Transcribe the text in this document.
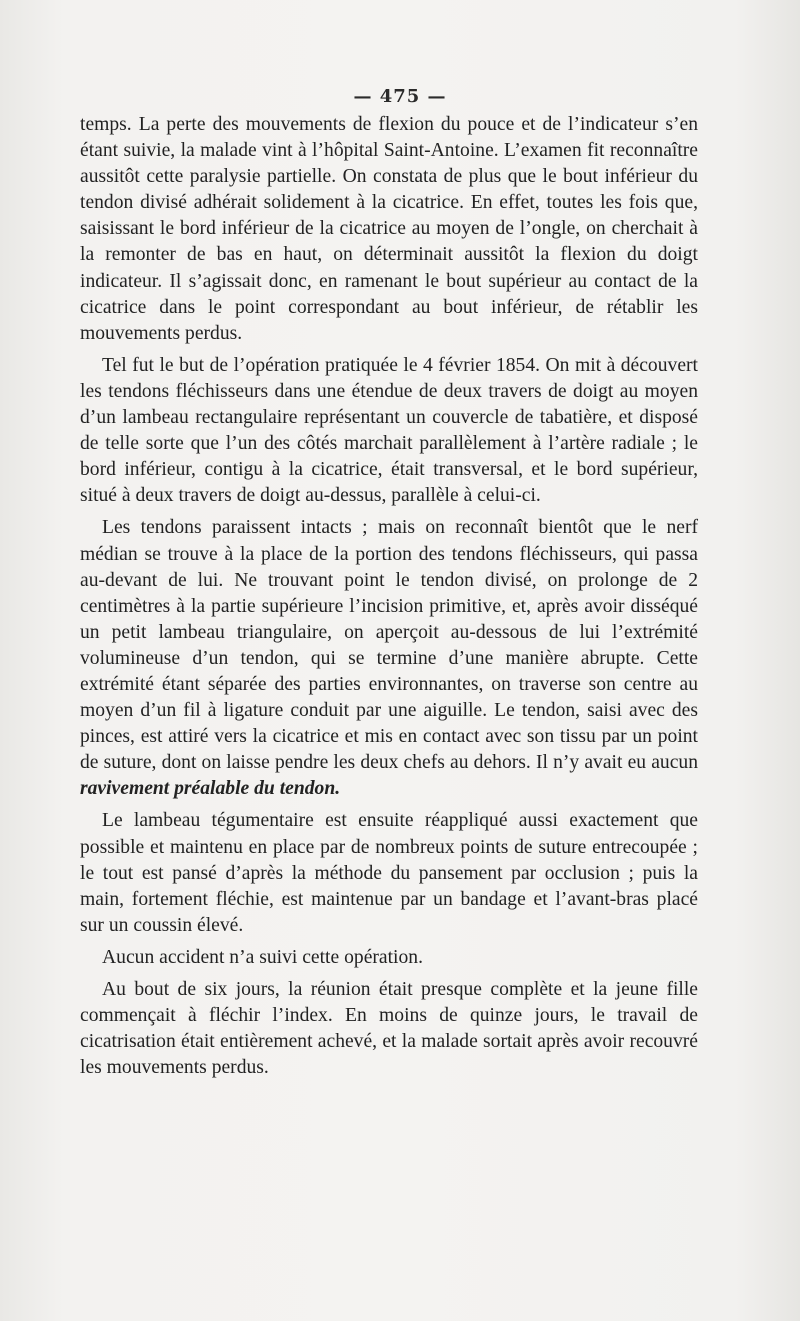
— 475 —

temps. La perte des mouvements de flexion du pouce et de l’indicateur s’en étant suivie, la malade vint à l’hôpital Saint-Antoine. L’examen fit reconnaître aussitôt cette paralysie partielle. On constata de plus que le bout inférieur du tendon divisé adhérait solidement à la cicatrice. En effet, toutes les fois que, saisissant le bord inférieur de la cicatrice au moyen de l’ongle, on cherchait à la remonter de bas en haut, on déterminait aussitôt la flexion du doigt indicateur. Il s’agissait donc, en ramenant le bout supérieur au contact de la cicatrice dans le point correspondant au bout inférieur, de rétablir les mouvements perdus.

Tel fut le but de l’opération pratiquée le 4 février 1854. On mit à découvert les tendons fléchisseurs dans une étendue de deux travers de doigt au moyen d’un lambeau rectangulaire représentant un couvercle de tabatière, et disposé de telle sorte que l’un des côtés marchait parallèlement à l’artère radiale ; le bord inférieur, contigu à la cicatrice, était transversal, et le bord supérieur, situé à deux travers de doigt au-dessus, parallèle à celui-ci.

Les tendons paraissent intacts ; mais on reconnaît bientôt que le nerf médian se trouve à la place de la portion des tendons fléchisseurs, qui passa au-devant de lui. Ne trouvant point le tendon divisé, on prolonge de 2 centimètres à la partie supérieure l’incision primitive, et, après avoir disséqué un petit lambeau triangulaire, on aperçoit au-dessous de lui l’extrémité volumineuse d’un tendon, qui se termine d’une manière abrupte. Cette extrémité étant séparée des parties environnantes, on traverse son centre au moyen d’un fil à ligature conduit par une aiguille. Le tendon, saisi avec des pinces, est attiré vers la cicatrice et mis en contact avec son tissu par un point de suture, dont on laisse pendre les deux chefs au dehors. Il n’y avait eu aucun ravivement préalable du tendon.

Le lambeau tégumentaire est ensuite réappliqué aussi exactement que possible et maintenu en place par de nombreux points de suture entrecoupée ; le tout est pansé d’après la méthode du pansement par occlusion ; puis la main, fortement fléchie, est maintenue par un bandage et l’avant-bras placé sur un coussin élevé.

Aucun accident n’a suivi cette opération.

Au bout de six jours, la réunion était presque complète et la jeune fille commençait à fléchir l’index. En moins de quinze jours, le travail de cicatrisation était entièrement achevé, et la malade sortait après avoir recouvré les mouvements perdus.
